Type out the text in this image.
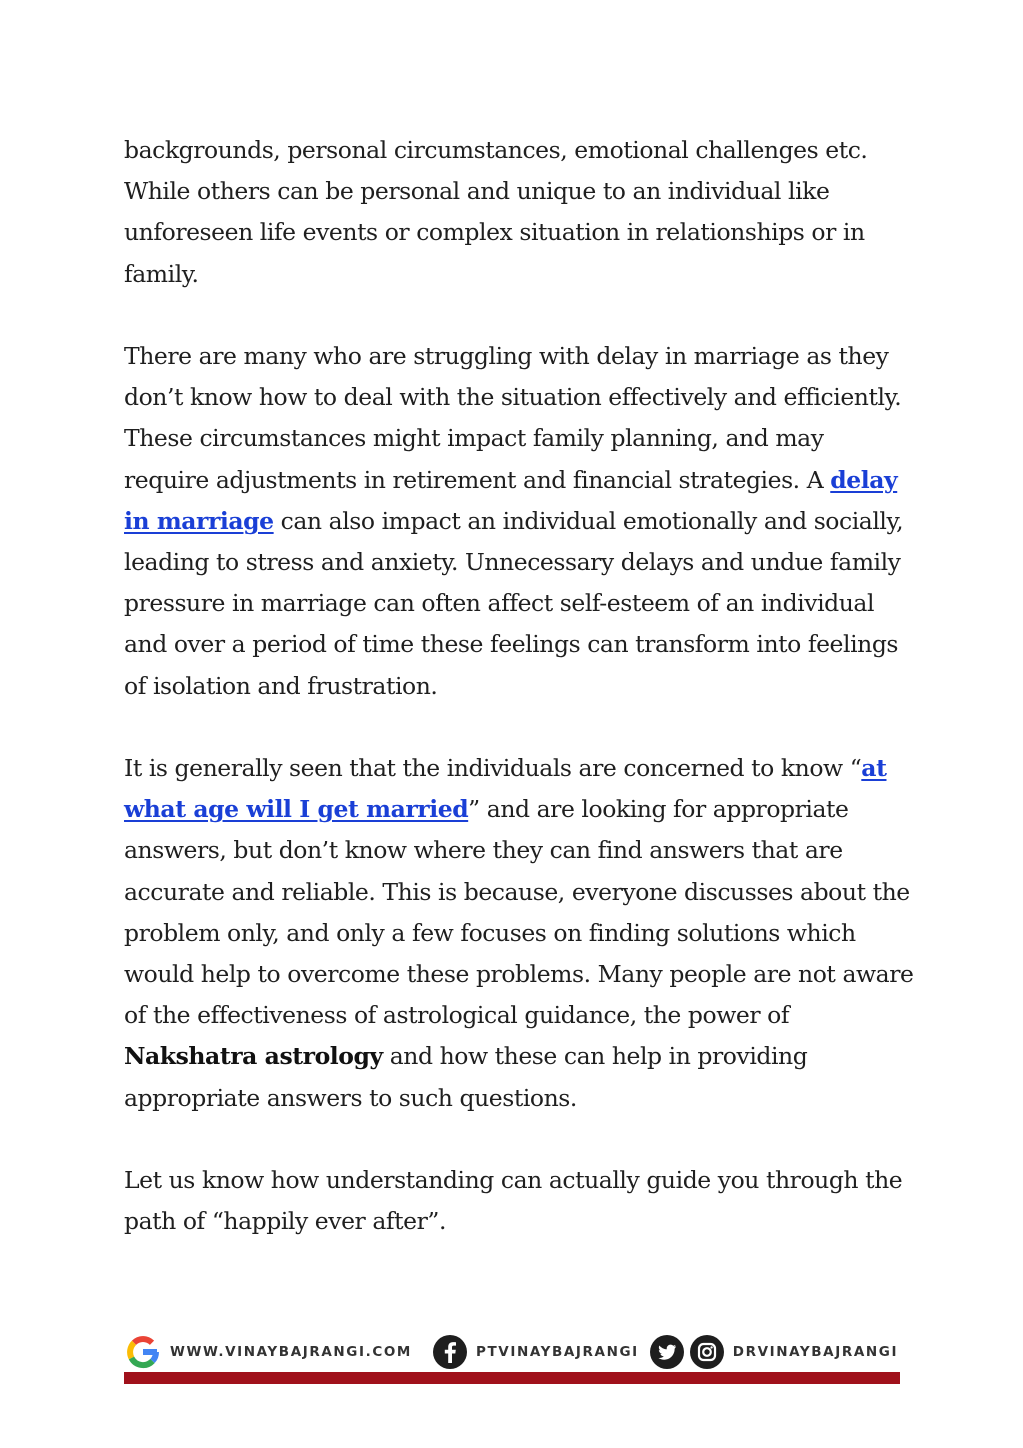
backgrounds, personal circumstances, emotional challenges etc. While others can be personal and unique to an individual like unforeseen life events or complex situation in relationships or in family.

There are many who are struggling with delay in marriage as they don’t know how to deal with the situation effectively and efficiently. These circumstances might impact family planning, and may require adjustments in retirement and financial strategies. A delay in marriage can also impact an individual emotionally and socially, leading to stress and anxiety. Unnecessary delays and undue family pressure in marriage can often affect self-esteem of an individual and over a period of time these feelings can transform into feelings of isolation and frustration.

It is generally seen that the individuals are concerned to know “at what age will I get married” and are looking for appropriate answers, but don’t know where they can find answers that are accurate and reliable. This is because, everyone discusses about the problem only, and only a few focuses on finding solutions which would help to overcome these problems. Many people are not aware of the effectiveness of astrological guidance, the power of Nakshatra astrology and how these can help in providing appropriate answers to such questions.

Let us know how understanding can actually guide you through the path of “happily ever after”.

WWW.VINAYBAJRANGI.COM	PTVINAYBAJRANGI	DRVINAYBAJRANGI
